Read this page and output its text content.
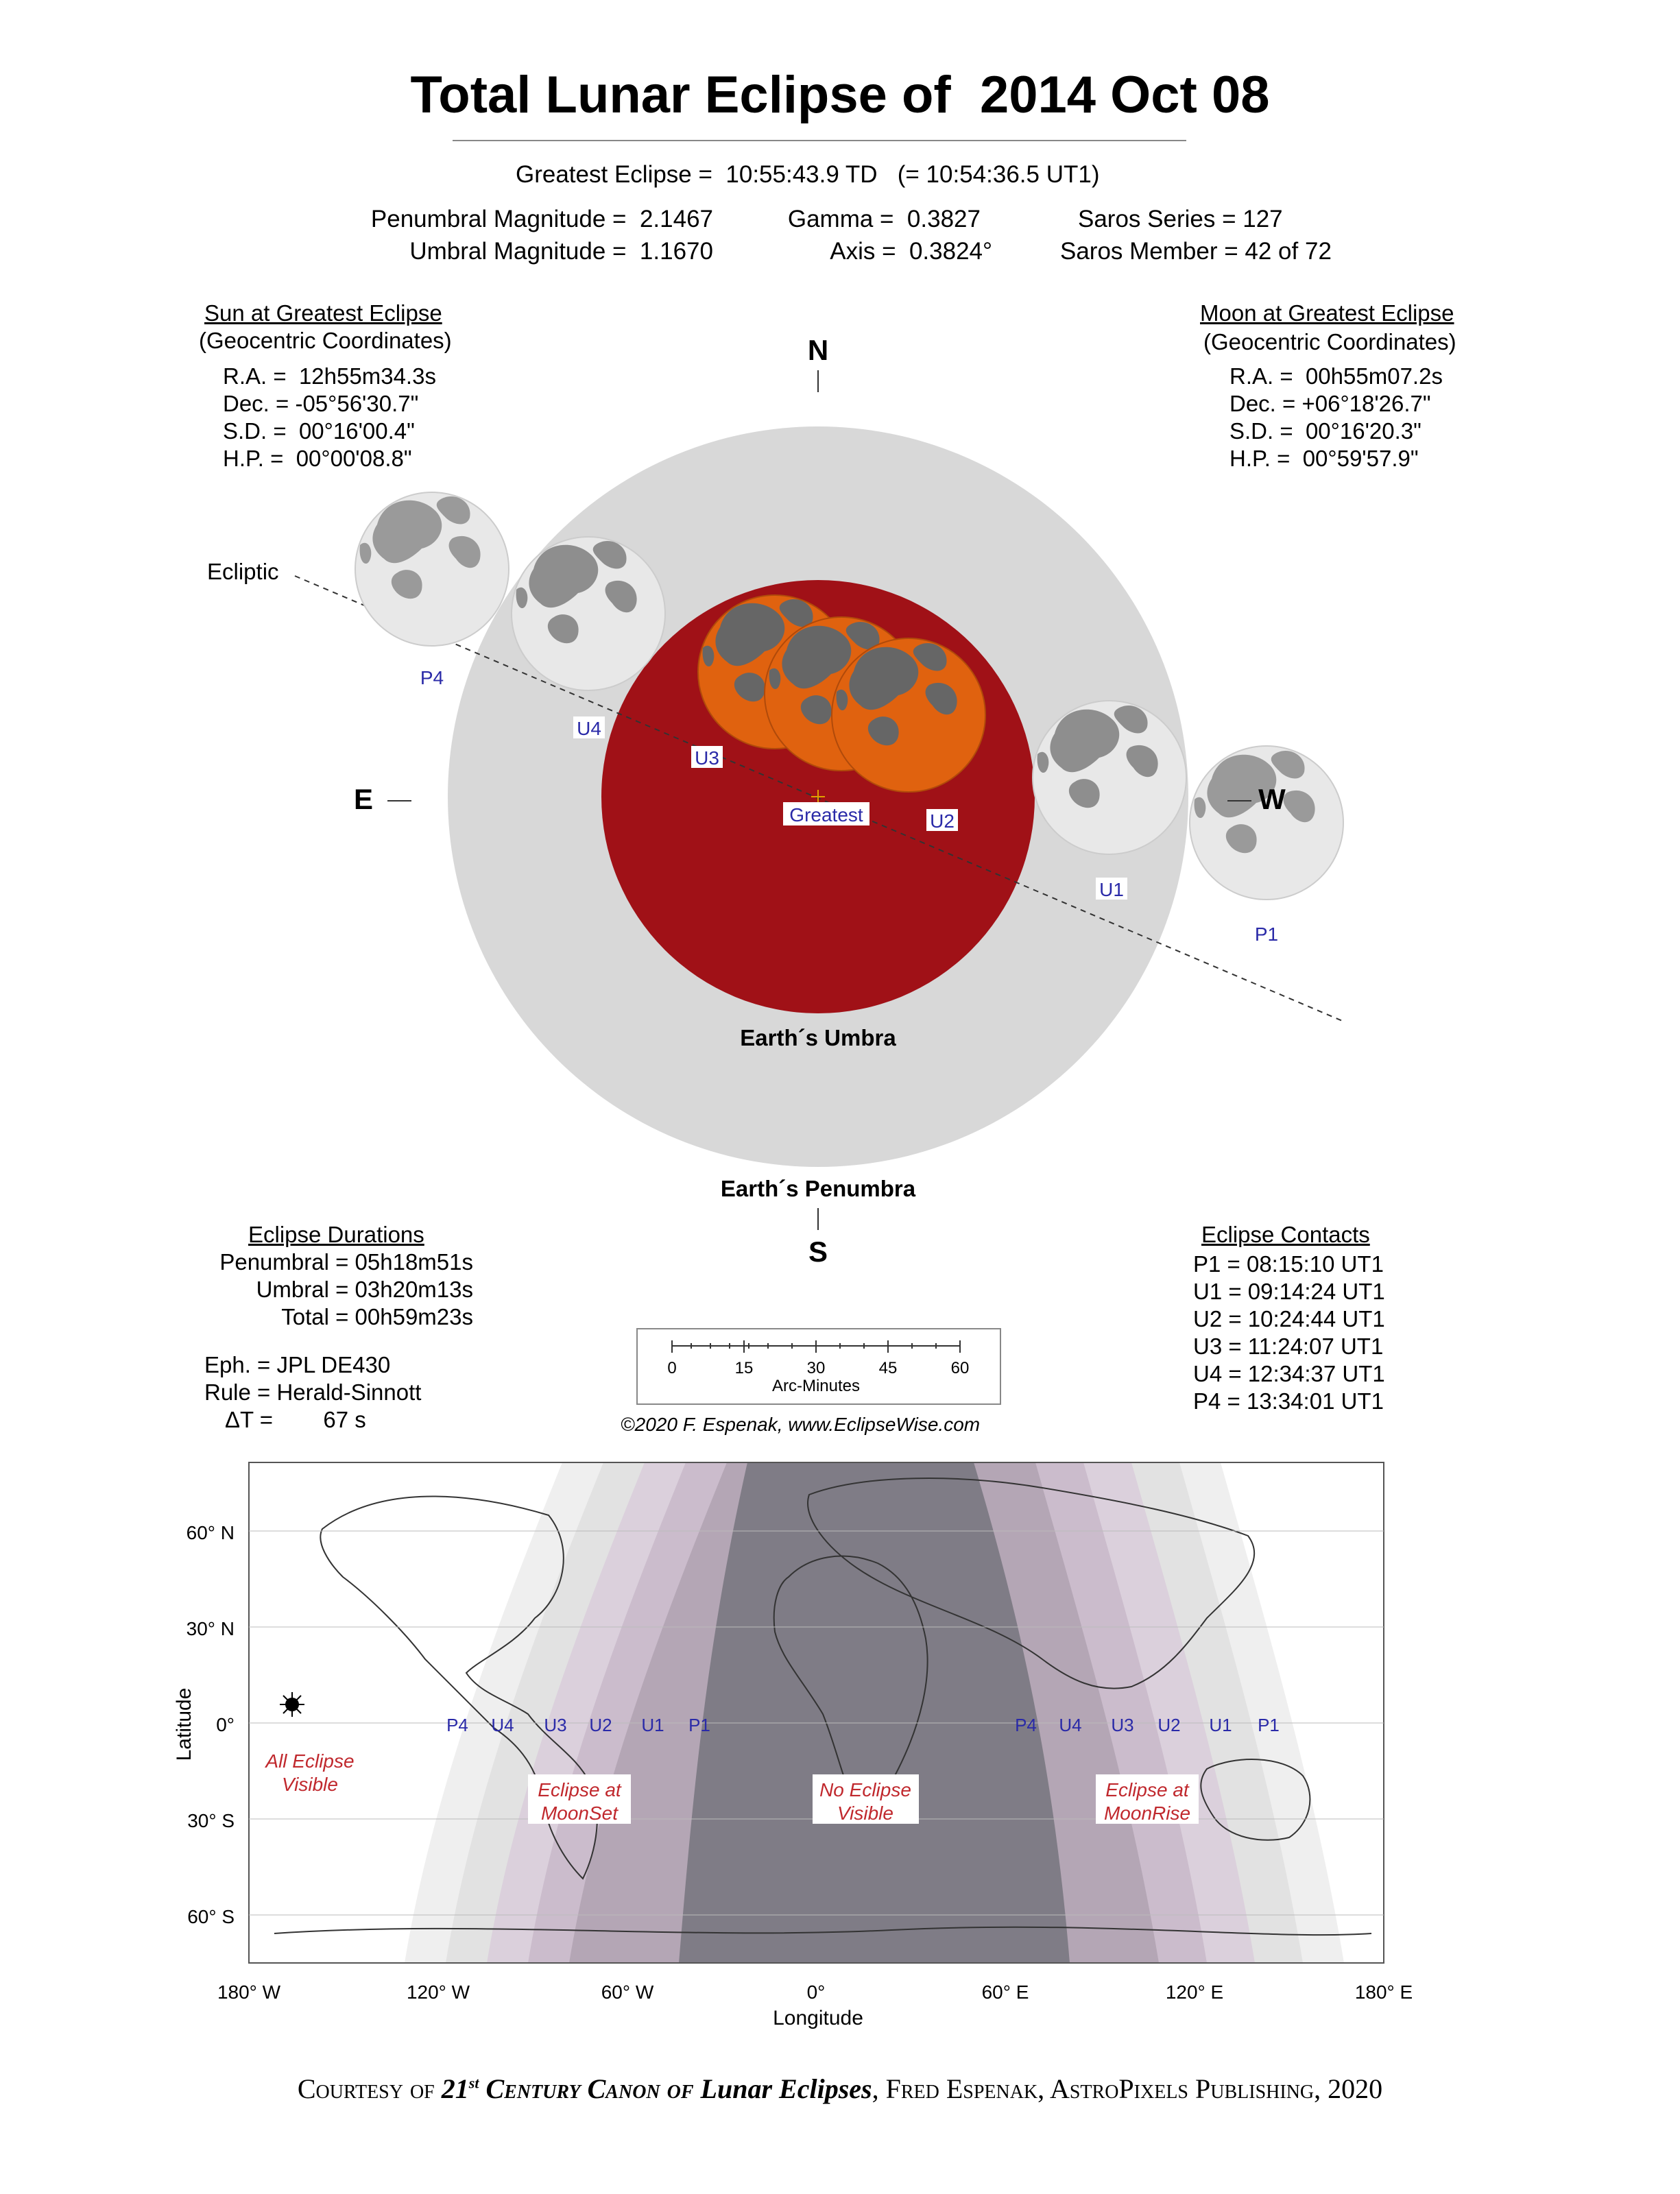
Total Lunar Eclipse of  2014 Oct 08
Greatest Eclipse =  10:55:43.9 TD   (= 10:54:36.5 UT1)
Penumbral Magnitude =  2.1467
Umbral Magnitude =  1.1670
Gamma =  0.3827
Axis =  0.3824°
Saros Series = 127
Saros Member = 42 of 72
Sun at Greatest Eclipse
(Geocentric Coordinates)
R.A. =  12h55m34.3s
Dec. = -05°56'30.7"
S.D. =  00°16'00.4"
H.P. =  00°00'08.8"
Moon at Greatest Eclipse
(Geocentric Coordinates)
R.A. =  00h55m07.2s
Dec. = +06°18'26.7"
S.D. =  00°16'20.3"
H.P. =  00°59'57.9"
Ecliptic
N
E	W
S
P4
U4
U3
U2
U1
P1
Greatest
Earth´s Umbra
Earth´s Penumbra
Eclipse Durations
Penumbral = 05h18m51s
Umbral = 03h20m13s
Total = 00h59m23s
Eph. = JPL DE430
Rule = Herald-Sinnott
ΔT =        67 s
0	15	30	45	60
Arc-Minutes
©2020 F. Espenak, www.EclipseWise.com
Eclipse Contacts
P1 = 08:15:10 UT1
U1 = 09:14:24 UT1
U2 = 10:24:44 UT1
U3 = 11:24:07 UT1
U4 = 12:34:37 UT1
P4 = 13:34:01 UT1
60° N
30° N
0°
30° S
60° S
Latitude
180° W	120° W	60° W	0°	60° E	120° E	180° E
Longitude
All Eclipse
Visible	Eclipse at
MoonSet
No Eclipse
Visible
Eclipse at
MoonRise
P4 U4 U3 U2 U1 P1	P4 U4 U3 U2 U1 P1
Courtesy of 21st Century Canon of Lunar Eclipses, Fred Espenak, AstroPixels Publishing, 2020
